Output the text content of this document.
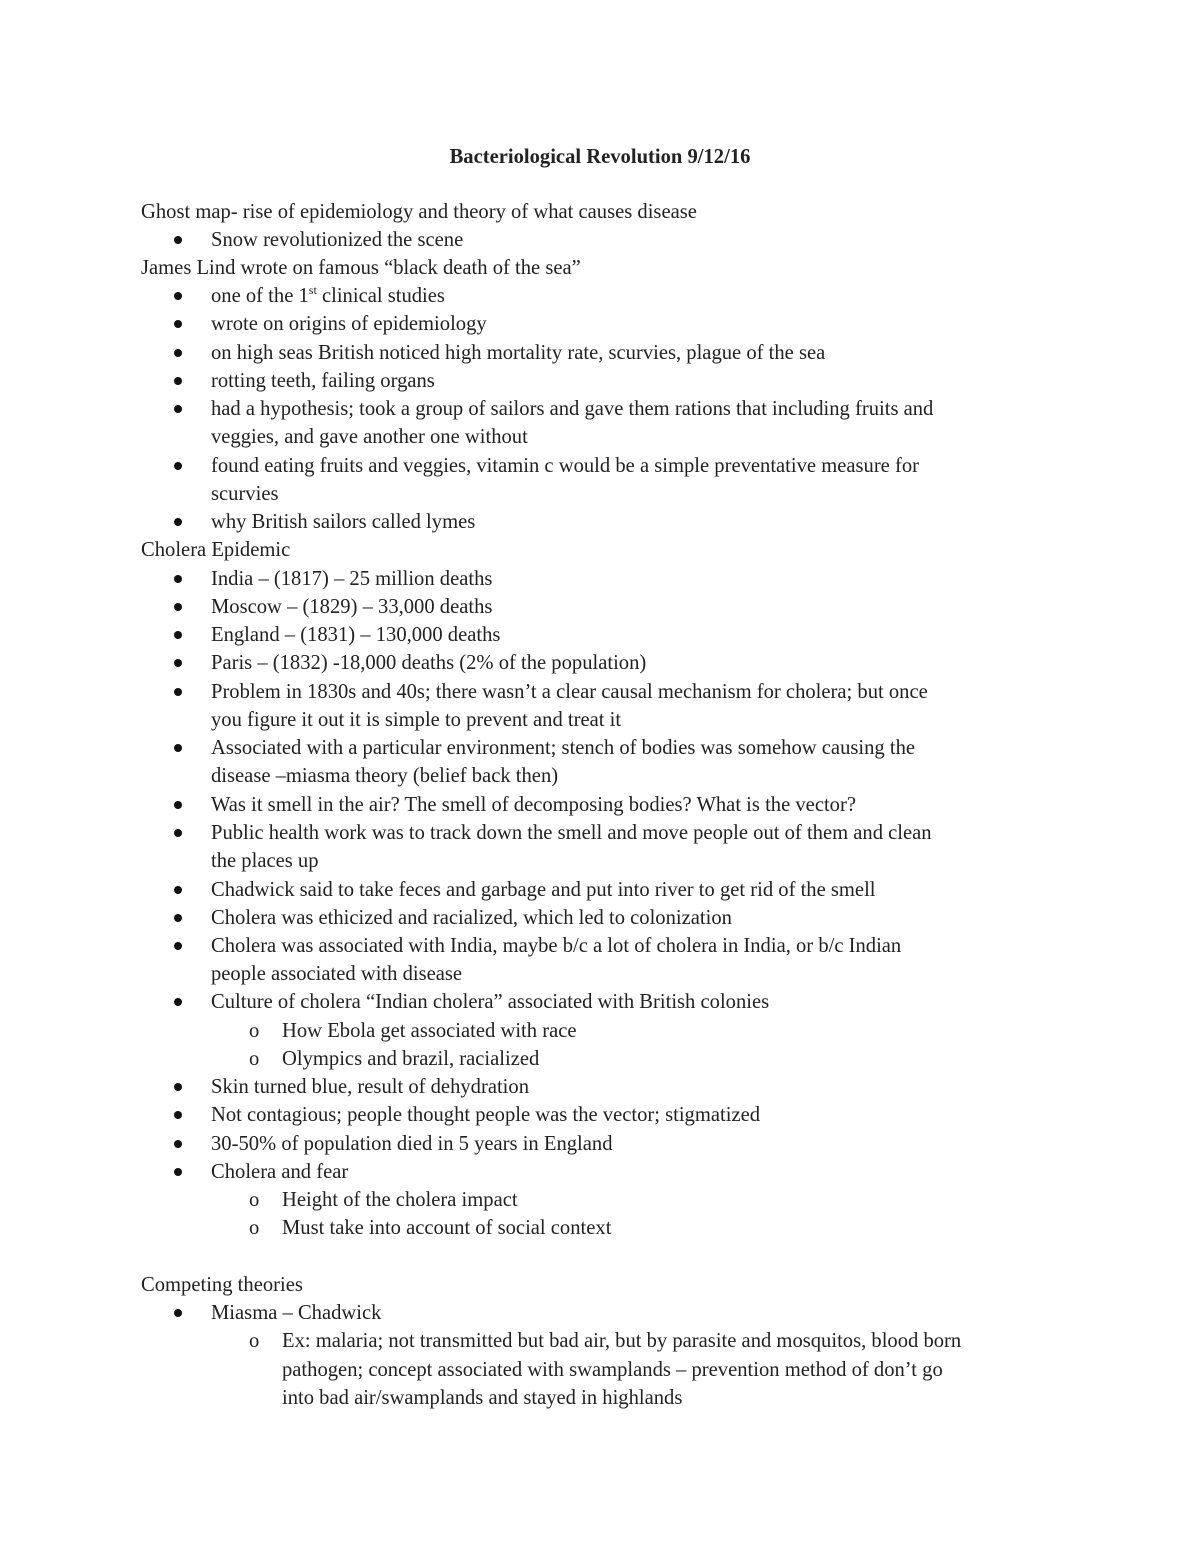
Bacteriological Revolution 9/12/16
Ghost map- rise of epidemiology and theory of what causes disease
Snow revolutionized the scene
James Lind wrote on famous “black death of the sea”
one of the 1st clinical studies
wrote on origins of epidemiology
on high seas British noticed high mortality rate, scurvies, plague of the sea
rotting teeth, failing organs
had a hypothesis; took a group of sailors and gave them rations that including fruits and
veggies, and gave another one without
found eating fruits and veggies, vitamin c would be a simple preventative measure for
scurvies
why British sailors called lymes
Cholera Epidemic
India – (1817) – 25 million deaths
Moscow – (1829) – 33,000 deaths
England – (1831) – 130,000 deaths
Paris – (1832) -18,000 deaths (2% of the population)
Problem in 1830s and 40s; there wasn’t a clear causal mechanism for cholera; but once
you figure it out it is simple to prevent and treat it
Associated with a particular environment; stench of bodies was somehow causing the
disease –miasma theory (belief back then)
Was it smell in the air? The smell of decomposing bodies? What is the vector?
Public health work was to track down the smell and move people out of them and clean
the places up
Chadwick said to take feces and garbage and put into river to get rid of the smell
Cholera was ethicized and racialized, which led to colonization
Cholera was associated with India, maybe b/c a lot of cholera in India, or b/c Indian
people associated with disease
Culture of cholera “Indian cholera” associated with British colonies
o How Ebola get associated with race
o Olympics and brazil, racialized
Skin turned blue, result of dehydration
Not contagious; people thought people was the vector; stigmatized
30-50% of population died in 5 years in England
Cholera and fear
o Height of the cholera impact
o Must take into account of social context
Competing theories
Miasma – Chadwick
o Ex: malaria; not transmitted but bad air, but by parasite and mosquitos, blood born
pathogen; concept associated with swamplands – prevention method of don’t go
into bad air/swamplands and stayed in highlands
